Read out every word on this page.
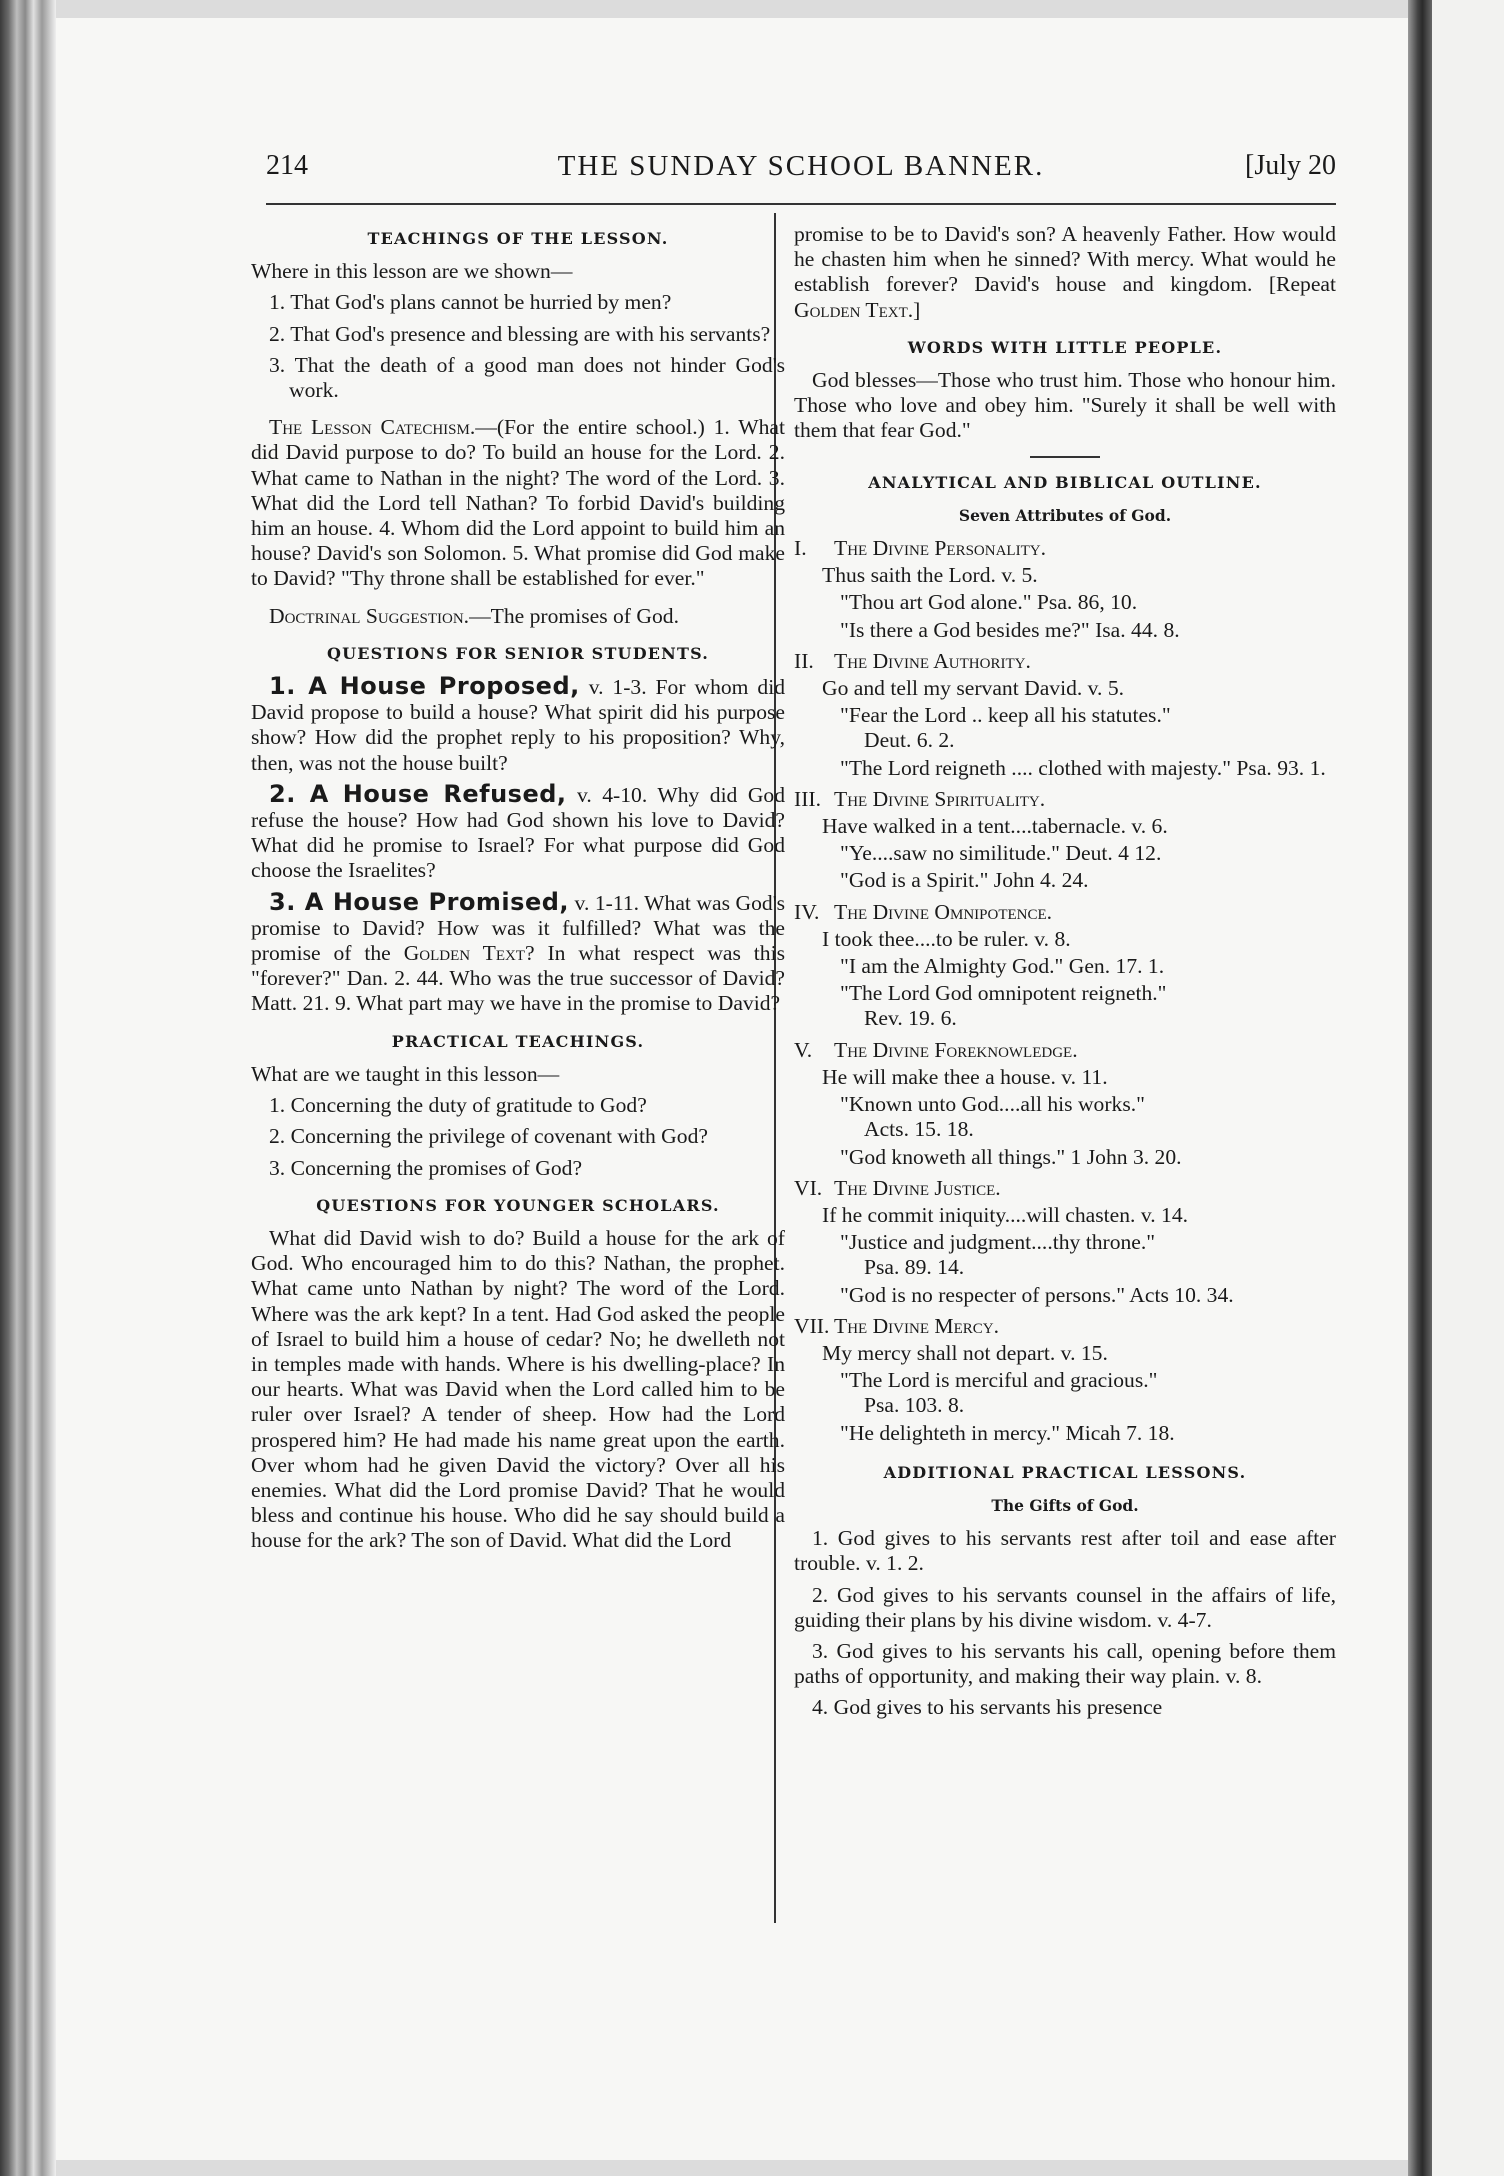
214	THE SUNDAY SCHOOL BANNER.	[July 20
TEACHINGS OF THE LESSON.

Where in this lesson are we shown—

1. That God's plans cannot be hurried by men?

2. That God's presence and blessing are with his servants?

3. That the death of a good man does not hinder God's work.

The Lesson Catechism.—(For the entire school.) 1. What did David purpose to do? To build an house for the Lord. 2. What came to Nathan in the night? The word of the Lord. 3. What did the Lord tell Nathan? To forbid David's building him an house. 4. Whom did the Lord appoint to build him an house? David's son Solomon. 5. What promise did God make to David? "Thy throne shall be established for ever."

Doctrinal Suggestion.—The promises of God.

QUESTIONS FOR SENIOR STUDENTS.

1. A House Proposed, v. 1-3. For whom did David propose to build a house? What spirit did his purpose show? How did the prophet reply to his proposition? Why, then, was not the house built?

2. A House Refused, v. 4-10. Why did God refuse the house? How had God shown his love to David? What did he promise to Israel? For what purpose did God choose the Israelites?

3. A House Promised, v. 1-11. What was God's promise to David? How was it fulfilled? What was the promise of the Golden Text? In what respect was this "forever?" Dan. 2. 44. Who was the true successor of David? Matt. 21. 9. What part may we have in the promise to David?

PRACTICAL TEACHINGS.

What are we taught in this lesson—

1. Concerning the duty of gratitude to God?

2. Concerning the privilege of covenant with God?

3. Concerning the promises of God?

QUESTIONS FOR YOUNGER SCHOLARS.

What did David wish to do? Build a house for the ark of God. Who encouraged him to do this? Nathan, the prophet. What came unto Nathan by night? The word of the Lord. Where was the ark kept? In a tent. Had God asked the people of Israel to build him a house of cedar? No; he dwelleth not in temples made with hands. Where is his dwelling-place? In our hearts. What was David when the Lord called him to be ruler over Israel? A tender of sheep. How had the Lord prospered him? He had made his name great upon the earth. Over whom had he given David the victory? Over all his enemies. What did the Lord promise David? That he would bless and continue his house. Who did he say should build a house for the ark? The son of David. What did the Lord

promise to be to David's son? A heavenly Father. How would he chasten him when he sinned? With mercy. What would he establish forever? David's house and kingdom. [Repeat Golden Text.]

WORDS WITH LITTLE PEOPLE.

God blesses—Those who trust him. Those who honour him. Those who love and obey him. "Surely it shall be well with them that fear God."

ANALYTICAL AND BIBLICAL OUTLINE.
Seven Attributes of God.
I. The Divine Personality.
Thus saith the Lord. v. 5.
"Thou art God alone." Psa. 86, 10.
"Is there a God besides me?" Isa. 44. 8.
II. The Divine Authority.
Go and tell my servant David. v. 5.
"Fear the Lord .. keep all his statutes."
Deut. 6. 2.
"The Lord reigneth .... clothed with majesty." Psa. 93. 1.
III. The Divine Spirituality.
Have walked in a tent....tabernacle. v. 6.
"Ye....saw no similitude." Deut. 4 12.
"God is a Spirit." John 4. 24.
IV. The Divine Omnipotence.
I took thee....to be ruler. v. 8.
"I am the Almighty God." Gen. 17. 1.
"The Lord God omnipotent reigneth."
Rev. 19. 6.
V. The Divine Foreknowledge.
He will make thee a house. v. 11.
"Known unto God....all his works."
Acts. 15. 18.
"God knoweth all things." 1 John 3. 20.
VI. The Divine Justice.
If he commit iniquity....will chasten. v. 14.
"Justice and judgment....thy throne."
Psa. 89. 14.
"God is no respecter of persons." Acts 10. 34.
VII. The Divine Mercy.
My mercy shall not depart. v. 15.
"The Lord is merciful and gracious."
Psa. 103. 8.
"He delighteth in mercy." Micah 7. 18.
ADDITIONAL PRACTICAL LESSONS.
The Gifts of God.

1. God gives to his servants rest after toil and ease after trouble. v. 1. 2.

2. God gives to his servants counsel in the affairs of life, guiding their plans by his divine wisdom. v. 4-7.

3. God gives to his servants his call, opening before them paths of opportunity, and making their way plain. v. 8.

4. God gives to his servants his presence
